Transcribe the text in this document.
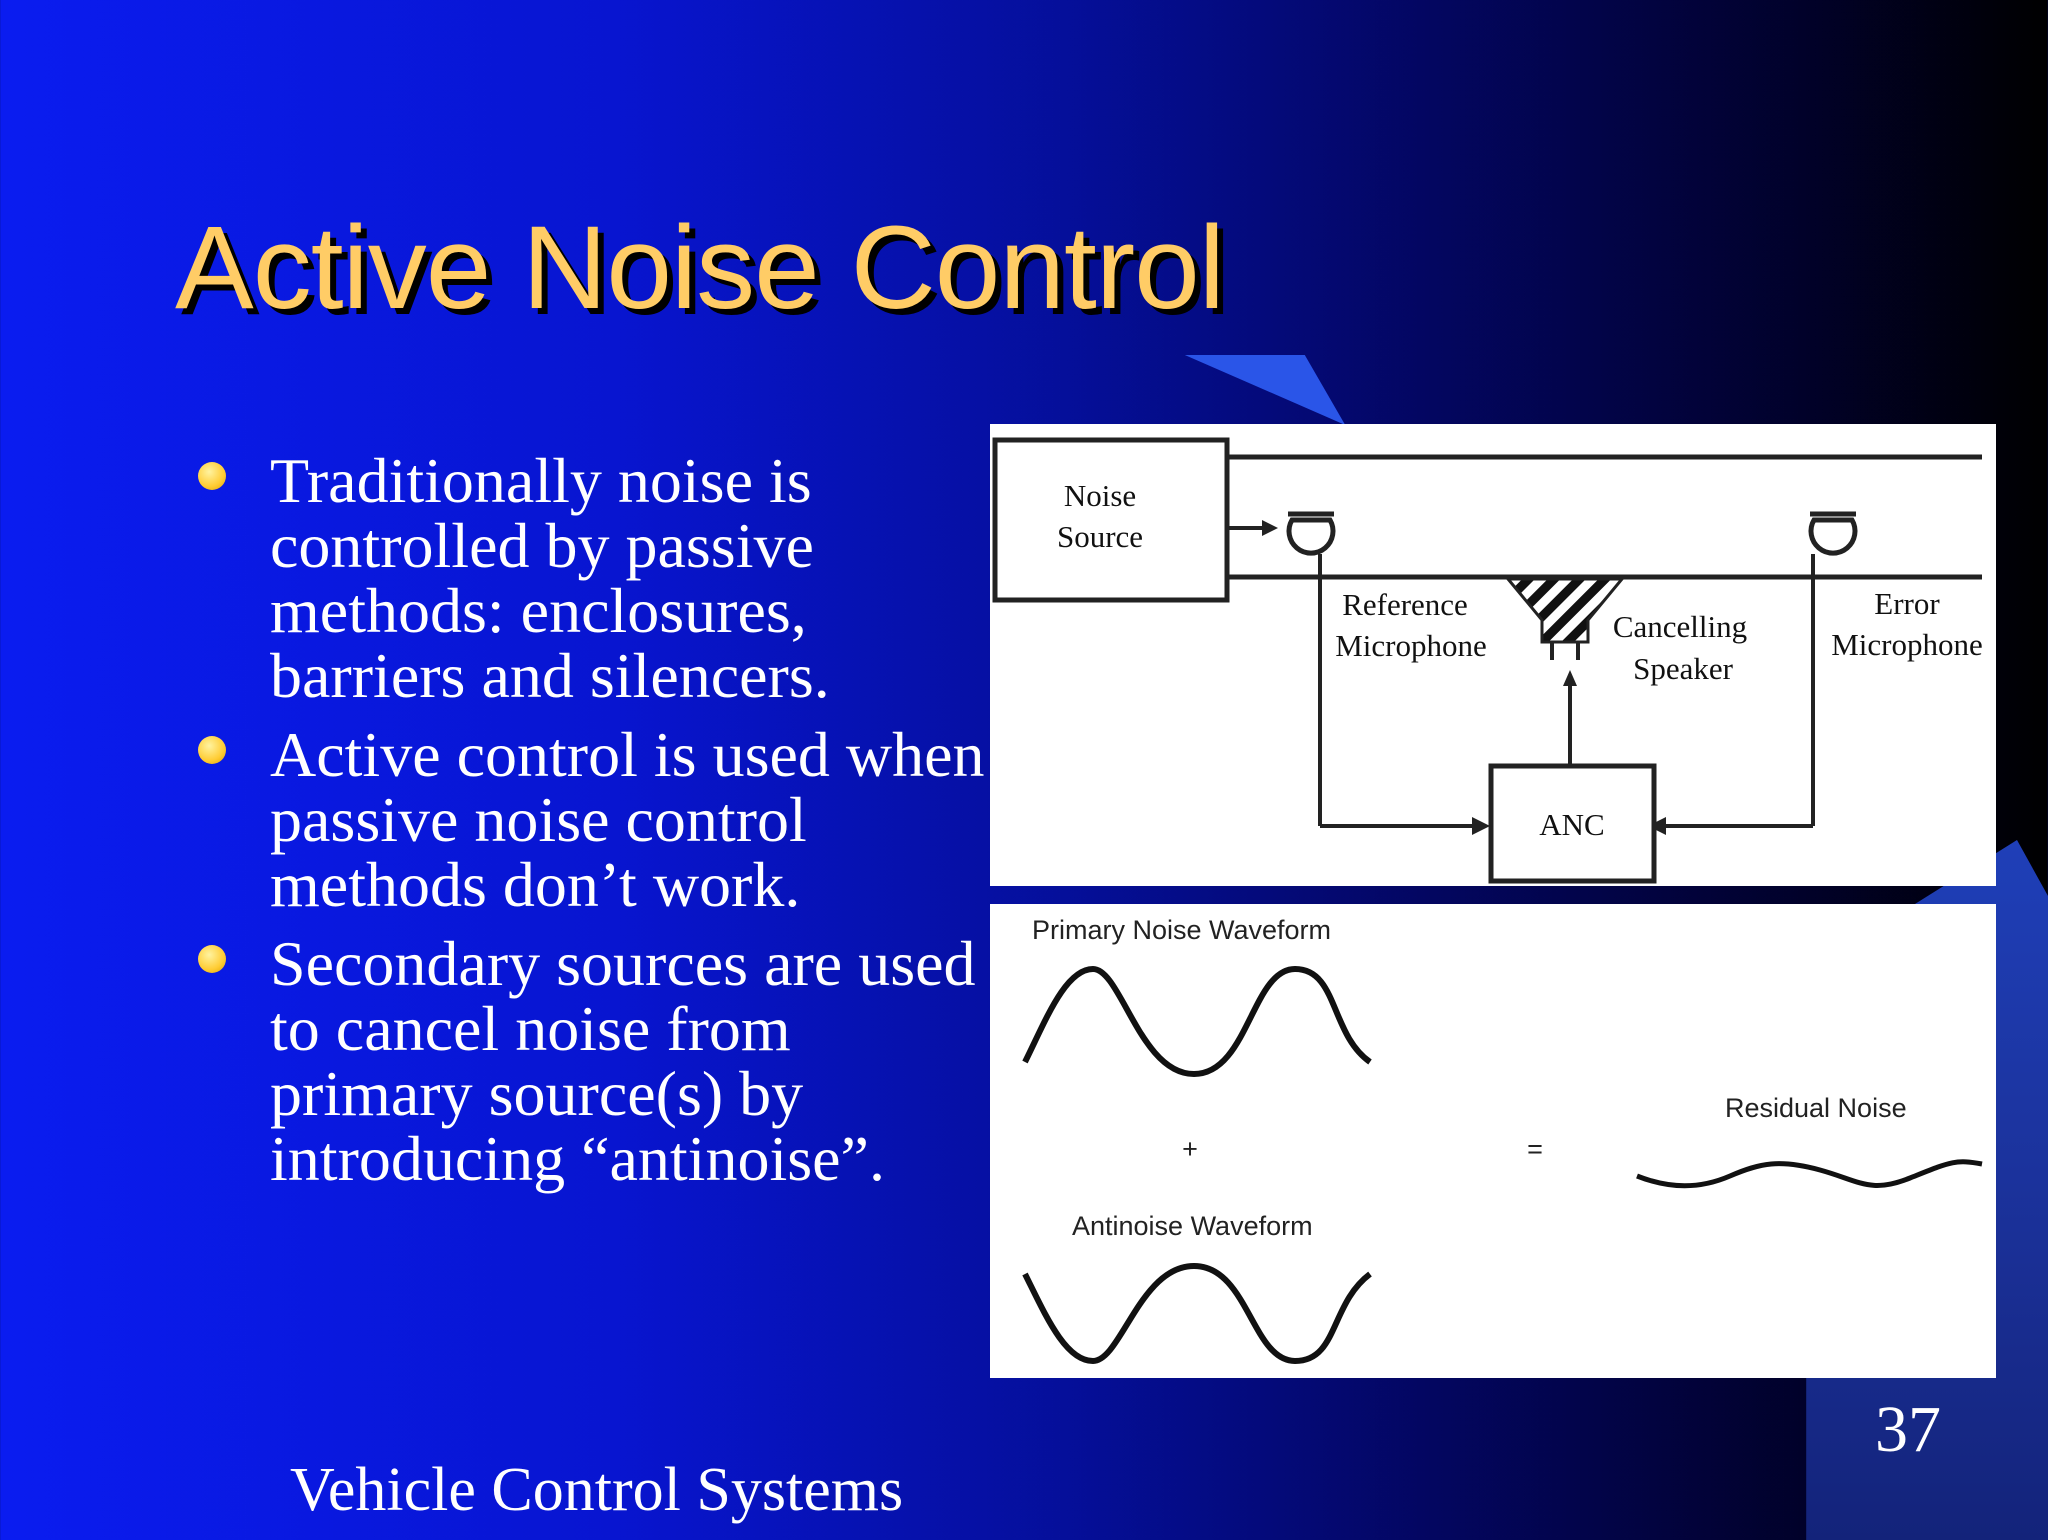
Active Noise Control
Traditionally noise is controlled by passive methods: enclosures, barriers and silencers.
Active control is used when passive noise control methods don’t work.
Secondary sources are used to cancel noise from primary source(s) by introducing “antinoise”.
Noise
Source
Reference
Microphone
Cancelling
Speaker
Error
Microphone
ANC
Primary Noise Waveform
+
Antinoise Waveform
=
Residual Noise
37
Vehicle Control Systems
